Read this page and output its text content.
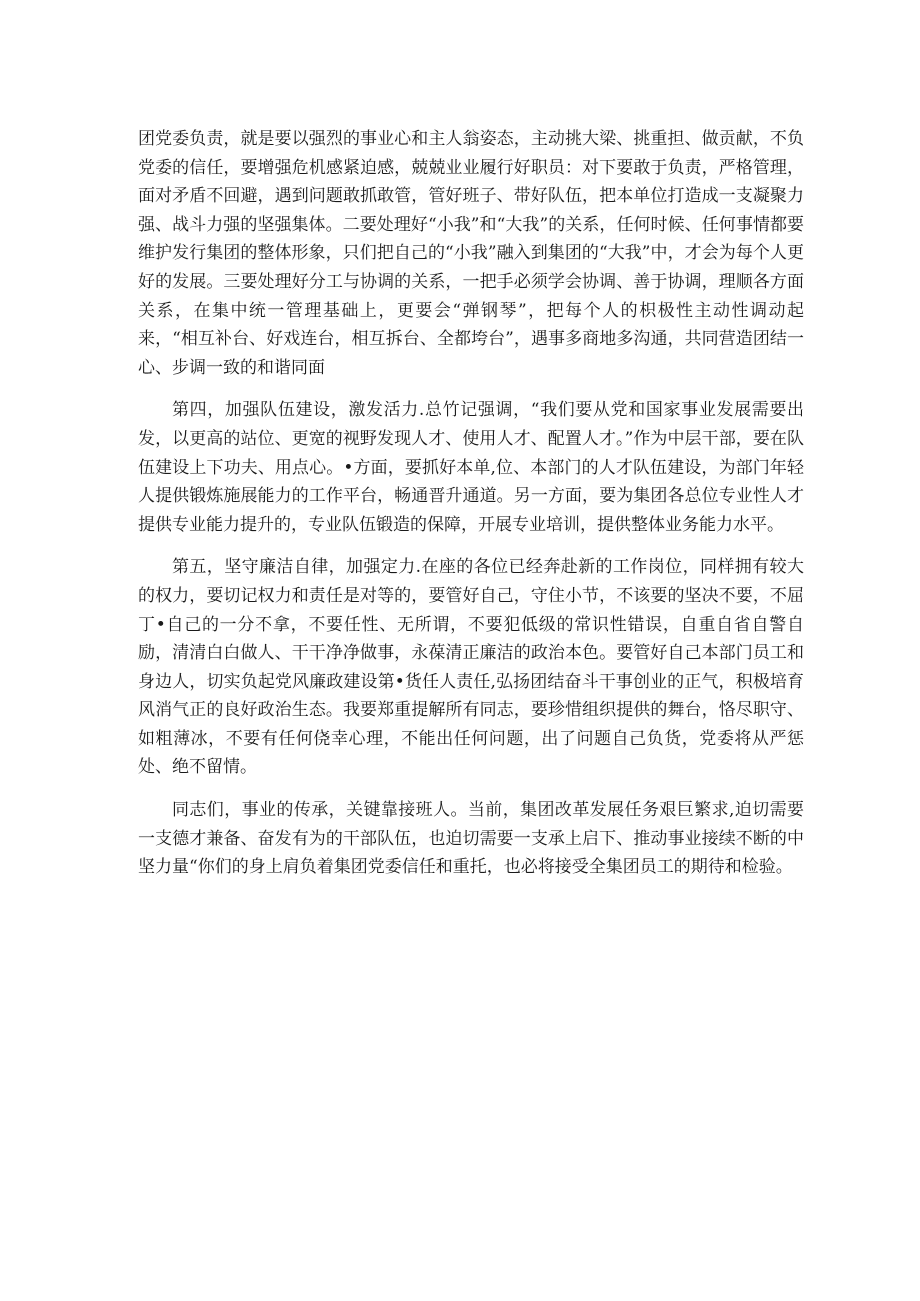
团党委负责，就是要以强烈的事业心和主人翁姿态，主动挑大梁、挑重担、做贡献，不负党委的信任，要增强危机感紧迫感，兢兢业业履行好职员：对下要敢于负责，严格管理，面对矛盾不回避，遇到问题敢抓敢管，管好班子、带好队伍，把本单位打造成一支凝聚力强、战斗力强的坚强集体。二要处理好“小我”和“大我”的关系，任何时候、任何事情都要维护发行集团的整体形象，只们把自己的“小我”融入到集团的“大我”中，才会为每个人更好的发展。三要处理好分工与协调的关系，一把手必须学会协调、善于协调，理顺各方面关系，在集中统一管理基础上，更要会“弹钢琴”，把每个人的枳极性主动性调动起来，“相互补台、好戏连台，相互拆台、全都垮台”，遇事多商地多沟通，共同营造团结一心、步调一致的和谐同面

第四，加强队伍建设，激发活力.总竹记强调，“我们要从党和国家事业发展需要出发，以更高的站位、更宽的视野发现人才、使用人才、配置人才。”作为中层干部，要在队伍建设上下功夫、用点心。•方面，要抓好本单,位、本部门的人才队伍建设，为部门年轻人提供锻炼施展能力的工作平台，畅通晋升通道。另一方面，要为集团各总位专业性人才提供专业能力提升的，专业队伍锻造的保障，开展专业培训，提供整体业务能力水平。

第五，坚守廉洁自律，加强定力.在座的各位已经奔赴新的工作岗位，同样拥有较大的权力，要切记权力和责任是对等的，要管好自己，守住小节，不该要的坚决不要，不屈丁•自己的一分不拿，不要任性、无所谓，不要犯低级的常识性错误，自重自省自警自励，清清白白做人、干干净净做事，永葆清正廉洁的政治本色。要管好自己本部门员工和身边人，切实负起党风廉政建设第•货任人责任,弘扬团结奋斗干事创业的正气，积极培育风消气正的良好政治生态。我要郑重提解所有同志，要珍惜组织提供的舞台，恪尽职守、如粗薄冰，不要有任何侥幸心理，不能出任何问题，出了问题自己负货，党委将从严惩处、绝不留情。

同志们，事业的传承，关键靠接班人。当前，集团改革发展任务艰巨繁求,迫切需要一支德才兼备、奋发有为的干部队伍，也迫切需要一支承上启下、推动事业接续不断的中坚力量“你们的身上肩负着集团党委信任和重托，也必将接受全集团员工的期待和检验。
